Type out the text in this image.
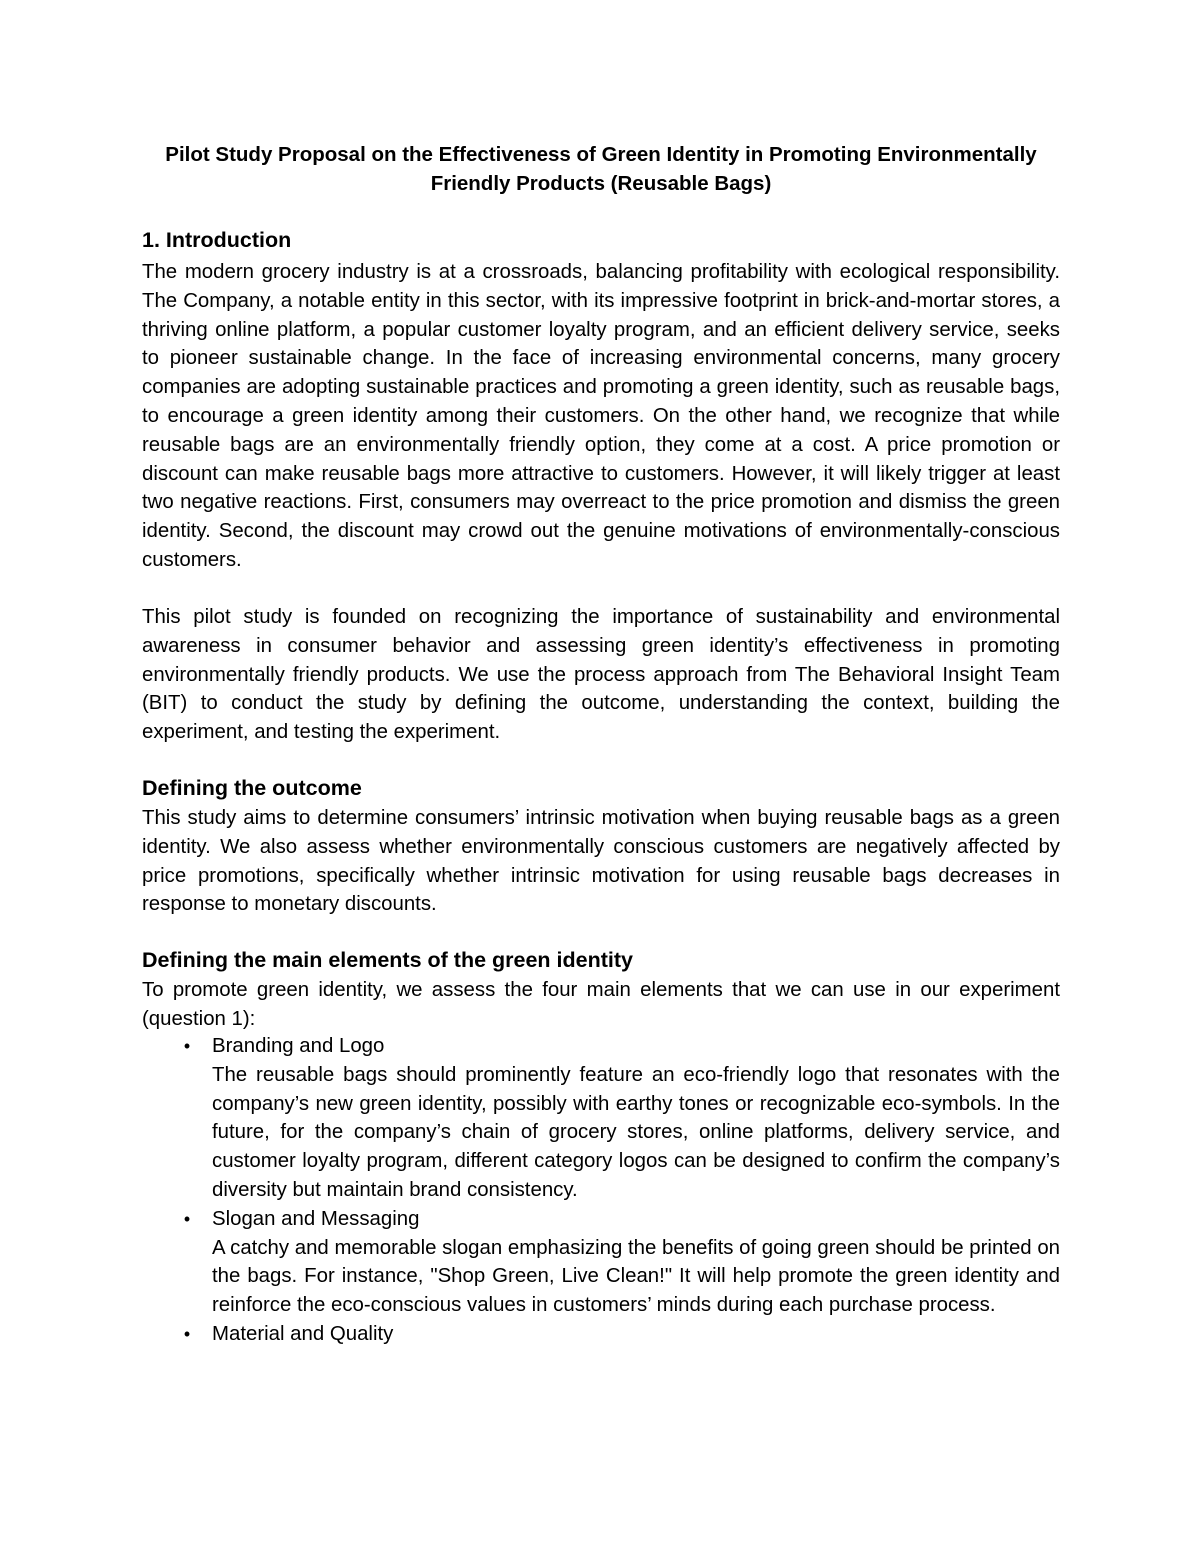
Pilot Study Proposal on the Effectiveness of Green Identity in Promoting Environmentally Friendly Products (Reusable Bags)
1. Introduction
The modern grocery industry is at a crossroads, balancing profitability with ecological responsibility. The Company, a notable entity in this sector, with its impressive footprint in brick-and-mortar stores, a thriving online platform, a popular customer loyalty program, and an efficient delivery service, seeks to pioneer sustainable change. In the face of increasing environmental concerns, many grocery companies are adopting sustainable practices and promoting a green identity, such as reusable bags, to encourage a green identity among their customers. On the other hand, we recognize that while reusable bags are an environmentally friendly option, they come at a cost. A price promotion or discount can make reusable bags more attractive to customers. However, it will likely trigger at least two negative reactions. First, consumers may overreact to the price promotion and dismiss the green identity. Second, the discount may crowd out the genuine motivations of environmentally-conscious customers.
This pilot study is founded on recognizing the importance of sustainability and environmental awareness in consumer behavior and assessing green identity’s effectiveness in promoting environmentally friendly products. We use the process approach from The Behavioral Insight Team (BIT) to conduct the study by defining the outcome, understanding the context, building the experiment, and testing the experiment.
Defining the outcome
This study aims to determine consumers’ intrinsic motivation when buying reusable bags as a green identity. We also assess whether environmentally conscious customers are negatively affected by price promotions, specifically whether intrinsic motivation for using reusable bags decreases in response to monetary discounts.
Defining the main elements of the green identity
To promote green identity, we assess the four main elements that we can use in our experiment (question 1):
•	Branding and Logo
The reusable bags should prominently feature an eco-friendly logo that resonates with the company’s new green identity, possibly with earthy tones or recognizable eco-symbols. In the future, for the company’s chain of grocery stores, online platforms, delivery service, and customer loyalty program, different category logos can be designed to confirm the company’s diversity but maintain brand consistency.
•	Slogan and Messaging
A catchy and memorable slogan emphasizing the benefits of going green should be printed on the bags. For instance, "Shop Green, Live Clean!" It will help promote the green identity and reinforce the eco-conscious values in customers’ minds during each purchase process.
•	Material and Quality
